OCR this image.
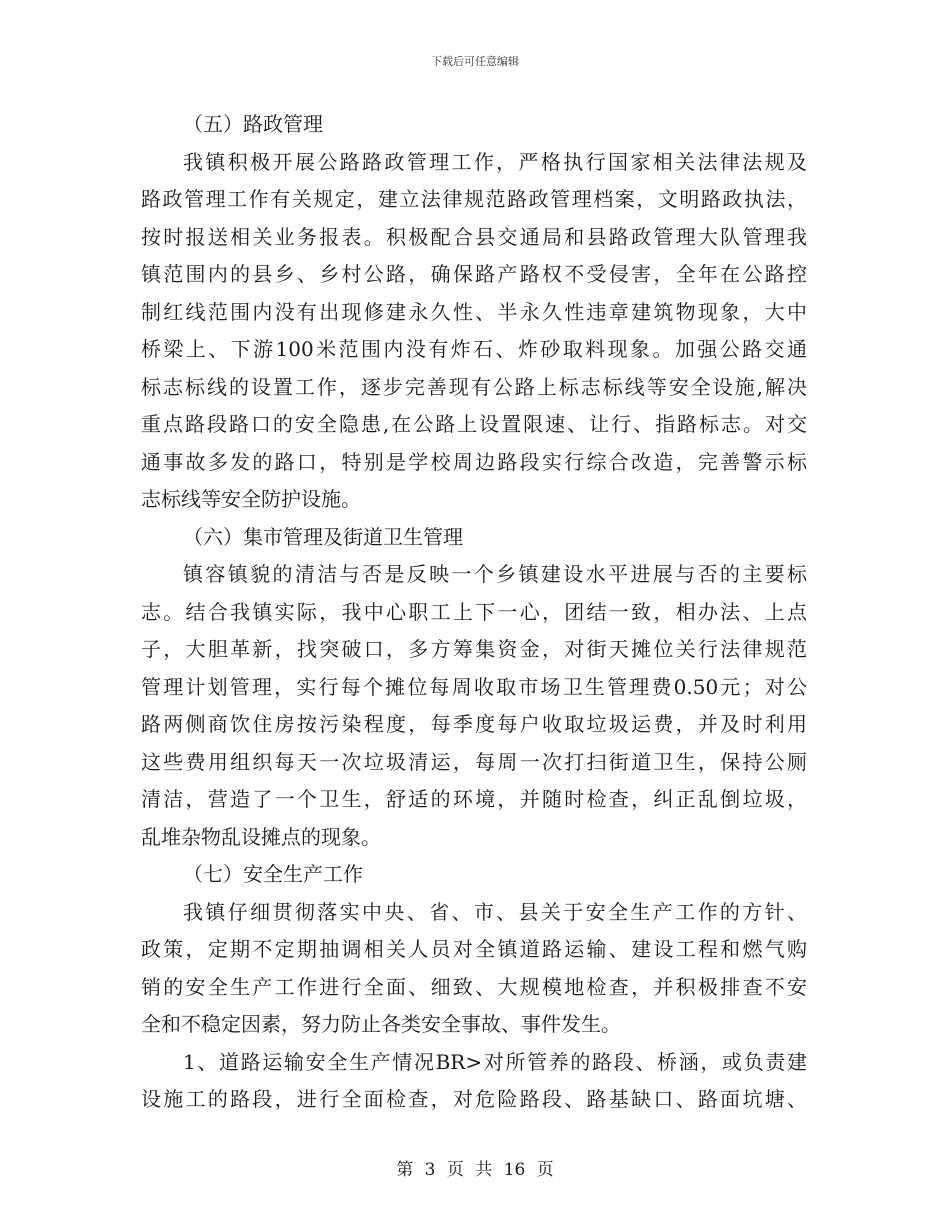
下载后可任意编辑
（五）路政管理
我镇积极开展公路路政管理工作，严格执行国家相关法律法规及
路政管理工作有关规定，建立法律规范路政管理档案，文明路政执法，
按时报送相关业务报表。积极配合县交通局和县路政管理大队管理我
镇范围内的县乡、乡村公路，确保路产路权不受侵害，全年在公路控
制红线范围内没有出现修建永久性、半永久性违章建筑物现象，大中
桥梁上、下游100米范围内没有炸石、炸砂取料现象。加强公路交通
标志标线的设置工作，逐步完善现有公路上标志标线等安全设施,解决
重点路段路口的安全隐患,在公路上设置限速、让行、指路标志。对交
通事故多发的路口，特别是学校周边路段实行综合改造，完善警示标
志标线等安全防护设施。
（六）集市管理及街道卫生管理
镇容镇貌的清洁与否是反映一个乡镇建设水平进展与否的主要标
志。结合我镇实际，我中心职工上下一心，团结一致，相办法、上点
子，大胆革新，找突破口，多方筹集资金，对街天摊位关行法律规范
管理计划管理，实行每个摊位每周收取市场卫生管理费0.50元；对公
路两侧商饮住房按污染程度，每季度每户收取垃圾运费，并及时利用
这些费用组织每天一次垃圾清运，每周一次打扫街道卫生，保持公厕
清洁，营造了一个卫生，舒适的环境，并随时检查，纠正乱倒垃圾，
乱堆杂物乱设摊点的现象。
（七）安全生产工作
我镇仔细贯彻落实中央、省、市、县关于安全生产工作的方针、
政策，定期不定期抽调相关人员对全镇道路运输、建设工程和燃气购
销的安全生产工作进行全面、细致、大规模地检查，并积极排查不安
全和不稳定因素，努力防止各类安全事故、事件发生。
1、道路运输安全生产情况BR>对所管养的路段、桥涵，或负责建
设施工的路段，进行全面检查，对危险路段、路基缺口、路面坑塘、
第 3 页 共 16 页
